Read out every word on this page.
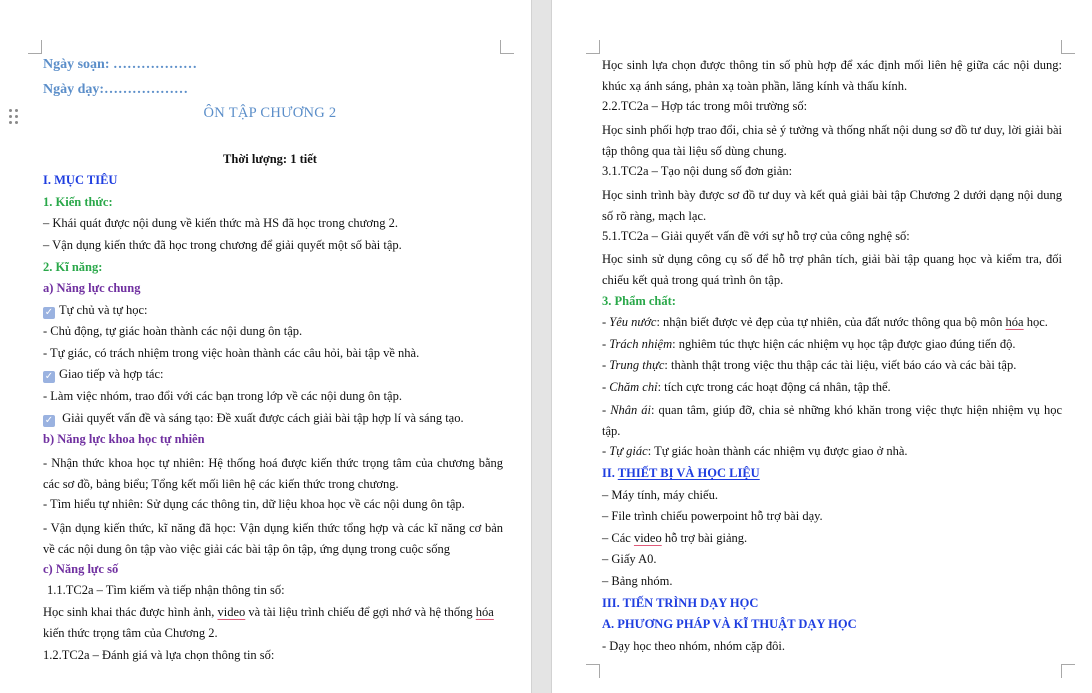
Ngày soạn: ………………
Ngày dạy:………………
ÔN TẬP CHƯƠNG 2
Thời lượng: 1 tiết
I. MỤC TIÊU
1. Kiến thức:
– Khái quát được nội dung về kiến thức mà HS đã học trong chương 2.
– Vận dụng kiến thức đã học trong chương để giải quyết một số bài tập.
2. Kĩ năng:
a) Năng lực chung
✓ Tự chủ và tự học:
- Chủ động, tự giác hoàn thành các nội dung ôn tập.
- Tự giác, có trách nhiệm trong việc hoàn thành các câu hỏi, bài tập về nhà.
✓ Giao tiếp và hợp tác:
- Làm việc nhóm, trao đổi với các bạn trong lớp về các nội dung ôn tập.
✓ Giải quyết vấn đề và sáng tạo: Đề xuất được cách giải bài tập hợp lí và sáng tạo.
b) Năng lực khoa học tự nhiên
- Nhận thức khoa học tự nhiên: Hệ thống hoá được kiến thức trọng tâm của chương bằng các sơ đồ, bảng biểu; Tổng kết mối liên hệ các kiến thức trong chương.
- Tìm hiểu tự nhiên: Sử dụng các thông tin, dữ liệu khoa học về các nội dung ôn tập.
- Vận dụng kiến thức, kĩ năng đã học: Vận dụng kiến thức tổng hợp và các kĩ năng cơ bản về các nội dung ôn tập vào việc giải các bài tập ôn tập, ứng dụng trong cuộc sống
c) Năng lực số
1.1.TC2a – Tìm kiếm và tiếp nhận thông tin số:
Học sinh khai thác được hình ảnh, video và tài liệu trình chiếu để gợi nhớ và hệ thống hóa
kiến thức trọng tâm của Chương 2.
1.2.TC2a – Đánh giá và lựa chọn thông tin số:
Học sinh lựa chọn được thông tin số phù hợp để xác định mối liên hệ giữa các nội dung: khúc xạ ánh sáng, phản xạ toàn phần, lăng kính và thấu kính.
2.2.TC2a – Hợp tác trong môi trường số:
Học sinh phối hợp trao đổi, chia sẻ ý tưởng và thống nhất nội dung sơ đồ tư duy, lời giải bài tập thông qua tài liệu số dùng chung.
3.1.TC2a – Tạo nội dung số đơn giản:
Học sinh trình bày được sơ đồ tư duy và kết quả giải bài tập Chương 2 dưới dạng nội dung số rõ ràng, mạch lạc.
5.1.TC2a – Giải quyết vấn đề với sự hỗ trợ của công nghệ số:
Học sinh sử dụng công cụ số để hỗ trợ phân tích, giải bài tập quang học và kiểm tra, đối chiếu kết quả trong quá trình ôn tập.
3. Phẩm chất:
- Yêu nước: nhận biết được vẻ đẹp của tự nhiên, của đất nước thông qua bộ môn hóa học.
- Trách nhiệm: nghiêm túc thực hiện các nhiệm vụ học tập được giao đúng tiến độ.
- Trung thực: thành thật trong việc thu thập các tài liệu, viết báo cáo và các bài tập.
- Chăm chỉ: tích cực trong các hoạt động cá nhân, tập thể.
- Nhân ái: quan tâm, giúp đỡ, chia sẻ những khó khăn trong việc thực hiện nhiệm vụ học tập.
- Tự giác: Tự giác hoàn thành các nhiệm vụ được giao ở nhà.
II. THIẾT BỊ VÀ HỌC LIỆU
– Máy tính, máy chiếu.
– File trình chiếu powerpoint hỗ trợ bài dạy.
– Các video hỗ trợ bài giảng.
– Giấy A0.
– Bảng nhóm.
III. TIẾN TRÌNH DẠY HỌC
A. PHƯƠNG PHÁP VÀ KĨ THUẬT DẠY HỌC
- Dạy học theo nhóm, nhóm cặp đôi.
